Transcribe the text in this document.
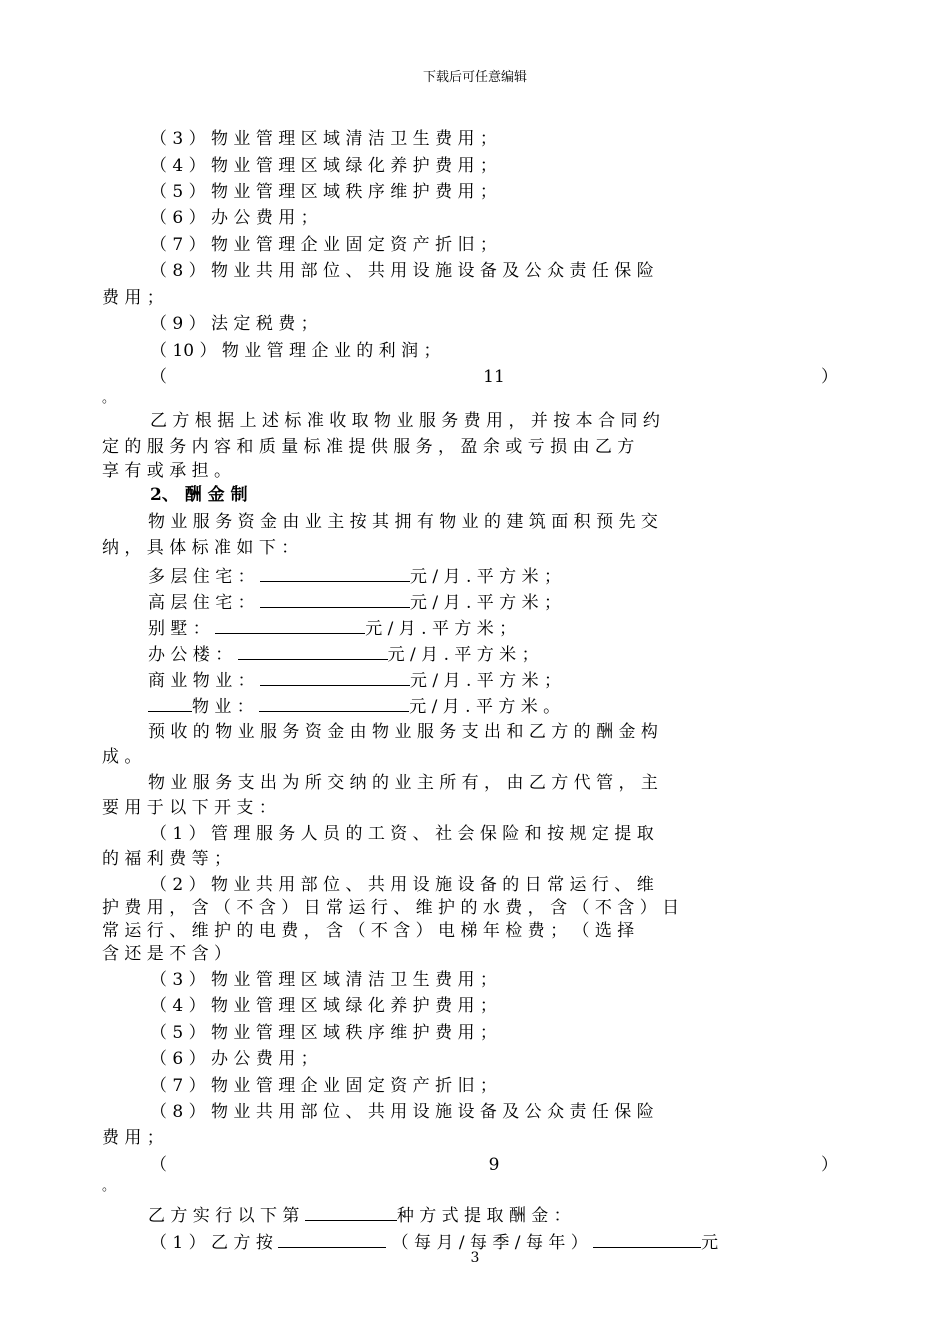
下载后可任意编辑
（ 3 ） 物 业 管 理 区 域 清 洁 卫 生 费 用 ；
（ 4 ） 物 业 管 理 区 域 绿 化 养 护 费 用 ；
（ 5 ） 物 业 管 理 区 域 秩 序 维 护 费 用 ；
（ 6 ） 办 公 费 用 ；
（ 7 ） 物 业 管 理 企 业 固 定 资 产 折 旧 ；
（ 8 ） 物 业 共 用 部 位 、 共 用 设 施 设 备 及 公 众 责 任 保 险
费 用 ；
（ 9 ） 法 定 税 费 ；
（ 10 ） 物 业 管 理 企 业 的 利 润 ；
（	11	）
。
乙 方 根 据 上 述 标 准 收 取 物 业 服 务 费 用 ， 并 按 本 合 同 约
定 的 服 务 内 容 和 质 量 标 准 提 供 服 务 ， 盈 余 或 亏 损 由 乙 方
享 有 或 承 担 。
2、 酬 金 制
物 业 服 务 资 金 由 业 主 按 其 拥 有 物 业 的 建 筑 面 积 预 先 交
纳 ， 具 体 标 准 如 下 ：
多 层 住 宅 ：	元 / 月 . 平 方 米 ；
高 层 住 宅 ：	元 / 月 . 平 方 米 ；
别 墅 ：	元 / 月 . 平 方 米 ；
办 公 楼 ：	元 / 月 . 平 方 米 ；
商 业 物 业 ：	元 / 月 . 平 方 米 ；
物 业 ：	元 / 月 . 平 方 米 。
预 收 的 物 业 服 务 资 金 由 物 业 服 务 支 出 和 乙 方 的 酬 金 构
成 。
物 业 服 务 支 出 为 所 交 纳 的 业 主 所 有 ， 由 乙 方 代 管 ， 主
要 用 于 以 下 开 支 ：
（ 1 ） 管 理 服 务 人 员 的 工 资 、 社 会 保 险 和 按 规 定 提 取
的 福 利 费 等 ；
（ 2 ） 物 业 共 用 部 位 、 共 用 设 施 设 备 的 日 常 运 行 、 维
护 费 用 ， 含 （ 不 含 ） 日 常 运 行 、 维 护 的 水 费 ， 含 （ 不 含 ） 日
常 运 行 、 维 护 的 电 费 ， 含 （ 不 含 ） 电 梯 年 检 费 ； （ 选 择
含 还 是 不 含 ）
（ 3 ） 物 业 管 理 区 域 清 洁 卫 生 费 用 ；
（ 4 ） 物 业 管 理 区 域 绿 化 养 护 费 用 ；
（ 5 ） 物 业 管 理 区 域 秩 序 维 护 费 用 ；
（ 6 ） 办 公 费 用 ；
（ 7 ） 物 业 管 理 企 业 固 定 资 产 折 旧 ；
（ 8 ） 物 业 共 用 部 位 、 共 用 设 施 设 备 及 公 众 责 任 保 险
费 用 ；
（	9	）
。
乙 方 实 行 以 下 第	种 方 式 提 取 酬 金 ：
（ 1 ） 乙 方 按	（ 每 月 / 每 季 / 每 年 ）	元
3
